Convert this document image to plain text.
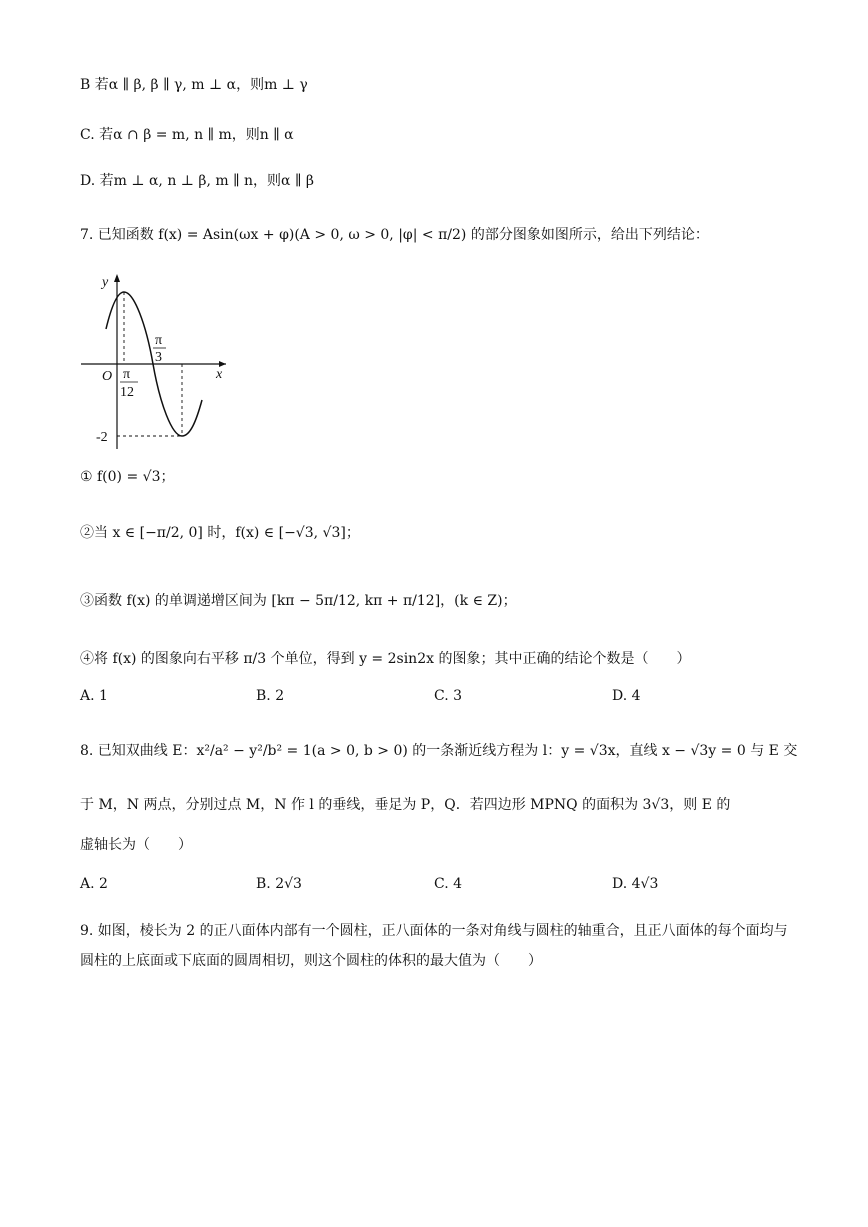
B 若α ∥ β, β ∥ γ, m ⊥ α，则m ⊥ γ
C. 若α ∩ β = m, n ∥ m，则n ∥ α
D. 若m ⊥ α, n ⊥ β, m ∥ n，则α ∥ β
7. 已知函数 f(x) = Asin(ωx + φ)(A > 0, ω > 0, |φ| < π/2) 的部分图象如图所示，给出下列结论：
y
x
O π
12
π
3
-2
① f(0) = √3；
②当 x ∈ [−π/2, 0] 时，f(x) ∈ [−√3, √3]；
③函数 f(x) 的单调递增区间为 [kπ − 5π/12, kπ + π/12]，(k ∈ Z)；
④将 f(x) 的图象向右平移 π/3 个单位，得到 y = 2sin2x 的图象；其中正确的结论个数是（　　）
A. 1	B. 2	C. 3	D. 4
8. 已知双曲线 E：x²/a² − y²/b² = 1(a > 0, b > 0) 的一条渐近线方程为 l：y = √3x，直线 x − √3y = 0 与 E 交
于 M，N 两点，分别过点 M，N 作 l 的垂线，垂足为 P，Q．若四边形 MPNQ 的面积为 3√3，则 E 的
虚轴长为（　　）
A. 2	B. 2√3	C. 4	D. 4√3
9. 如图，棱长为 2 的正八面体内部有一个圆柱，正八面体的一条对角线与圆柱的轴重合，且正八面体的每个面均与圆柱的上底面或下底面的圆周相切，则这个圆柱的体积的最大值为（　　）
